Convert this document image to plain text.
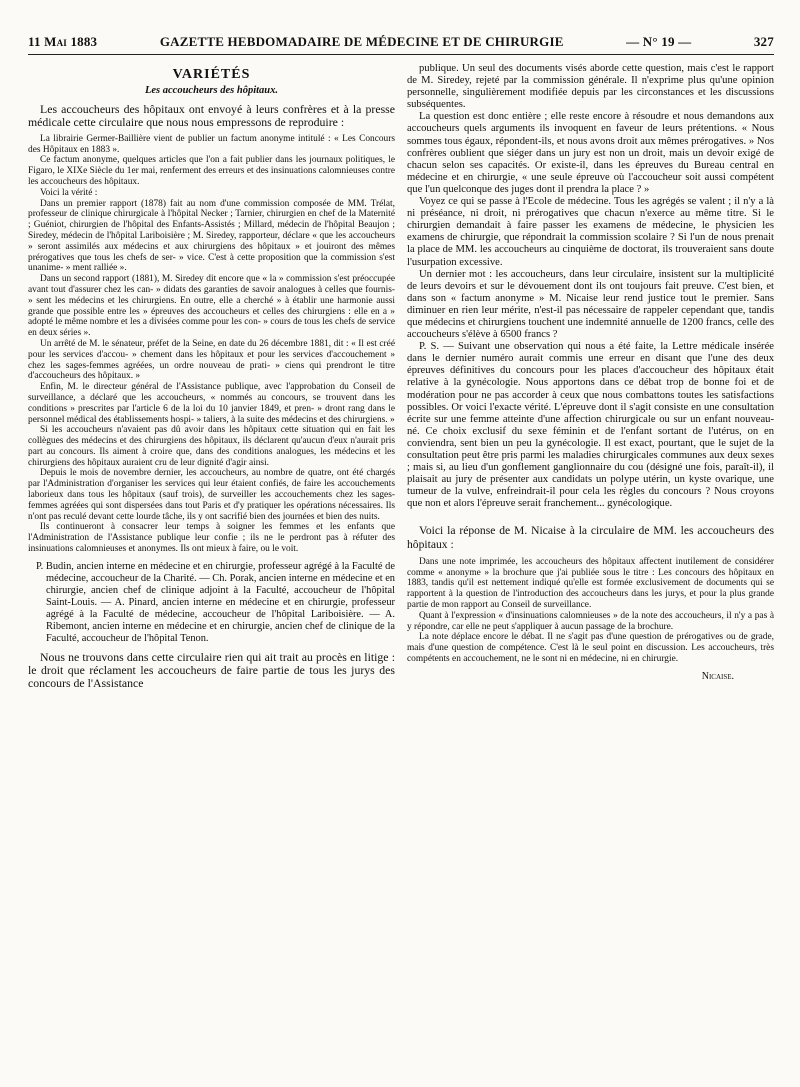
11 Mai 1883	GAZETTE HEBDOMADAIRE DE MÉDECINE ET DE CHIRURGIE	— N° 19 —	327
VARIÉTÉS
Les accoucheurs des hôpitaux.

Les accoucheurs des hôpitaux ont envoyé à leurs confrères et à la presse médicale cette circulaire que nous nous empressons de reproduire :

La librairie Germer-Baillière vient de publier un factum anonyme intitulé : « Les Concours des Hôpitaux en 1883 ».

Ce factum anonyme, quelques articles que l'on a fait publier dans les journaux politiques, le Figaro, le XIXe Siècle du 1er mai, renferment des erreurs et des insinuations calomnieuses contre les accoucheurs des hôpitaux.

Voici la vérité :

Dans un premier rapport (1878) fait au nom d'une commission composée de MM. Trélat, professeur de clinique chirurgicale à l'hôpital Necker ; Tarnier, chirurgien en chef de la Maternité ; Guéniot, chirurgien de l'hôpital des Enfants-Assistés ; Millard, médecin de l'hôpital Beaujon ; Siredey, médecin de l'hôpital Lariboisière ; M. Siredey, rapporteur, déclare « que les accoucheurs » seront assimilés aux médecins et aux chirurgiens des hôpitaux » et jouiront des mêmes prérogatives que tous les chefs de ser- » vice. C'est à cette proposition que la commission s'est unanime- » ment ralliée ».

Dans un second rapport (1881), M. Siredey dit encore que « la » commission s'est préoccupée avant tout d'assurer chez les can- » didats des garanties de savoir analogues à celles que fournis- » sent les médecins et les chirurgiens. En outre, elle a cherché » à établir une harmonie aussi grande que possible entre les » épreuves des accoucheurs et celles des chirurgiens : elle en a » adopté le même nombre et les a divisées comme pour les con- » cours de tous les chefs de service en deux séries ».

Un arrêté de M. le sénateur, préfet de la Seine, en date du 26 décembre 1881, dit : « Il est créé pour les services d'accou- » chement dans les hôpitaux et pour les services d'accouchement » chez les sages-femmes agréées, un ordre nouveau de prati- » ciens qui prendront le titre d'accoucheurs des hôpitaux. »

Enfin, M. le directeur général de l'Assistance publique, avec l'approbation du Conseil de surveillance, a déclaré que les accoucheurs, « nommés au concours, se trouvent dans les conditions » prescrites par l'article 6 de la loi du 10 janvier 1849, et pren- » dront rang dans le personnel médical des établissements hospi- » taliers, à la suite des médecins et des chirurgiens. »

Si les accoucheurs n'avaient pas dû avoir dans les hôpitaux cette situation qui en fait les collègues des médecins et des chirurgiens des hôpitaux, ils déclarent qu'aucun d'eux n'aurait pris part au concours. Ils aiment à croire que, dans des conditions analogues, les médecins et les chirurgiens des hôpitaux auraient cru de leur dignité d'agir ainsi.

Depuis le mois de novembre dernier, les accoucheurs, au nombre de quatre, ont été chargés par l'Administration d'organiser les services qui leur étaient confiés, de faire les accouchements laborieux dans tous les hôpitaux (sauf trois), de surveiller les accouchements chez les sages-femmes agréées qui sont dispersées dans tout Paris et d'y pratiquer les opérations nécessaires. Ils n'ont pas reculé devant cette lourde tâche, ils y ont sacrifié bien des journées et bien des nuits.

Ils continueront à consacrer leur temps à soigner les femmes et les enfants que l'Administration de l'Assistance publique leur confie ; ils ne le perdront pas à réfuter des insinuations calomnieuses et anonymes. Ils ont mieux à faire, ou le voit.

P. Budin, ancien interne en médecine et en chirurgie, professeur agrégé à la Faculté de médecine, accoucheur de la Charité. — Ch. Porak, ancien interne en médecine et en chirurgie, ancien chef de clinique adjoint à la Faculté, accoucheur de l'hôpital Saint-Louis. — A. Pinard, ancien interne en médecine et en chirurgie, professeur agrégé à la Faculté de médecine, accoucheur de l'hôpital Lariboisière. — A. Ribemont, ancien interne en médecine et en chirurgie, ancien chef de clinique de la Faculté, accoucheur de l'hôpital Tenon.

Nous ne trouvons dans cette circulaire rien qui ait trait au procès en litige : le droit que réclament les accoucheurs de faire partie de tous les jurys des concours de l'Assistance

publique. Un seul des documents visés aborde cette question, mais c'est le rapport de M. Siredey, rejeté par la commission générale. Il n'exprime plus qu'une opinion personnelle, singulièrement modifiée depuis par les circonstances et les discussions subséquentes.

La question est donc entière ; elle reste encore à résoudre et nous demandons aux accoucheurs quels arguments ils invoquent en faveur de leurs prétentions. « Nous sommes tous égaux, répondent-ils, et nous avons droit aux mêmes prérogatives. » Nos confrères oublient que siéger dans un jury est non un droit, mais un devoir exigé de chacun selon ses capacités. Or existe-il, dans les épreuves du Bureau central en médecine et en chirurgie, « une seule épreuve où l'accoucheur soit aussi compétent que l'un quelconque des juges dont il prendra la place ? »

Voyez ce qui se passe à l'Ecole de médecine. Tous les agrégés se valent ; il n'y a là ni préséance, ni droit, ni prérogatives que chacun n'exerce au même titre. Si le chirurgien demandait à faire passer les examens de médecine, le physicien les examens de chirurgie, que répondrait la commission scolaire ? Si l'un de nous prenait la place de MM. les accoucheurs au cinquième de doctorat, ils trouveraient sans doute l'usurpation excessive.

Un dernier mot : les accoucheurs, dans leur circulaire, insistent sur la multiplicité de leurs devoirs et sur le dévouement dont ils ont toujours fait preuve. C'est bien, et dans son « factum anonyme » M. Nicaise leur rend justice tout le premier. Sans diminuer en rien leur mérite, n'est-il pas nécessaire de rappeler cependant que, tandis que médecins et chirurgiens touchent une indemnité annuelle de 1200 francs, celle des accoucheurs s'élève à 6500 francs ?

P. S. — Suivant une observation qui nous a été faite, la Lettre médicale insérée dans le dernier numéro aurait commis une erreur en disant que l'une des deux épreuves définitives du concours pour les places d'accoucheur des hôpitaux était relative à la gynécologie. Nous apportons dans ce débat trop de bonne foi et de modération pour ne pas accorder à ceux que nous combattons toutes les satisfactions possibles. Or voici l'exacte vérité. L'épreuve dont il s'agit consiste en une consultation écrite sur une femme atteinte d'une affection chirurgicale ou sur un enfant nouveau-né. Ce choix exclusif du sexe féminin et de l'enfant sortant de l'utérus, on en conviendra, sent bien un peu la gynécologie. Il est exact, pourtant, que le sujet de la consultation peut être pris parmi les maladies chirurgicales communes aux deux sexes ; mais si, au lieu d'un gonflement ganglionnaire du cou (désigné une fois, paraît-il), il plaisait au jury de présenter aux candidats un polype utérin, un kyste ovarique, une tumeur de la vulve, enfreindrait-il pour cela les règles du concours ? Nous croyons que non et alors l'épreuve serait franchement... gynécologique.

Voici la réponse de M. Nicaise à la circulaire de MM. les accoucheurs des hôpitaux :

Dans une note imprimée, les accoucheurs des hôpitaux affectent inutilement de considérer comme « anonyme » la brochure que j'ai publiée sous le titre : Les concours des hôpitaux en 1883, tandis qu'il est nettement indiqué qu'elle est formée exclusivement de documents qui se rapportent à la question de l'introduction des accoucheurs dans les jurys, et pour la plus grande partie de mon rapport au Conseil de surveillance.

Quant à l'expression « d'insinuations calomnieuses » de la note des accoucheurs, il n'y a pas à y répondre, car elle ne peut s'appliquer à aucun passage de la brochure.

La note déplace encore le débat. Il ne s'agit pas d'une question de prérogatives ou de grade, mais d'une question de compétence. C'est là le seul point en discussion. Les accoucheurs, très compétents en accouchement, ne le sont ni en médecine, ni en chirurgie.

Nicaise.
